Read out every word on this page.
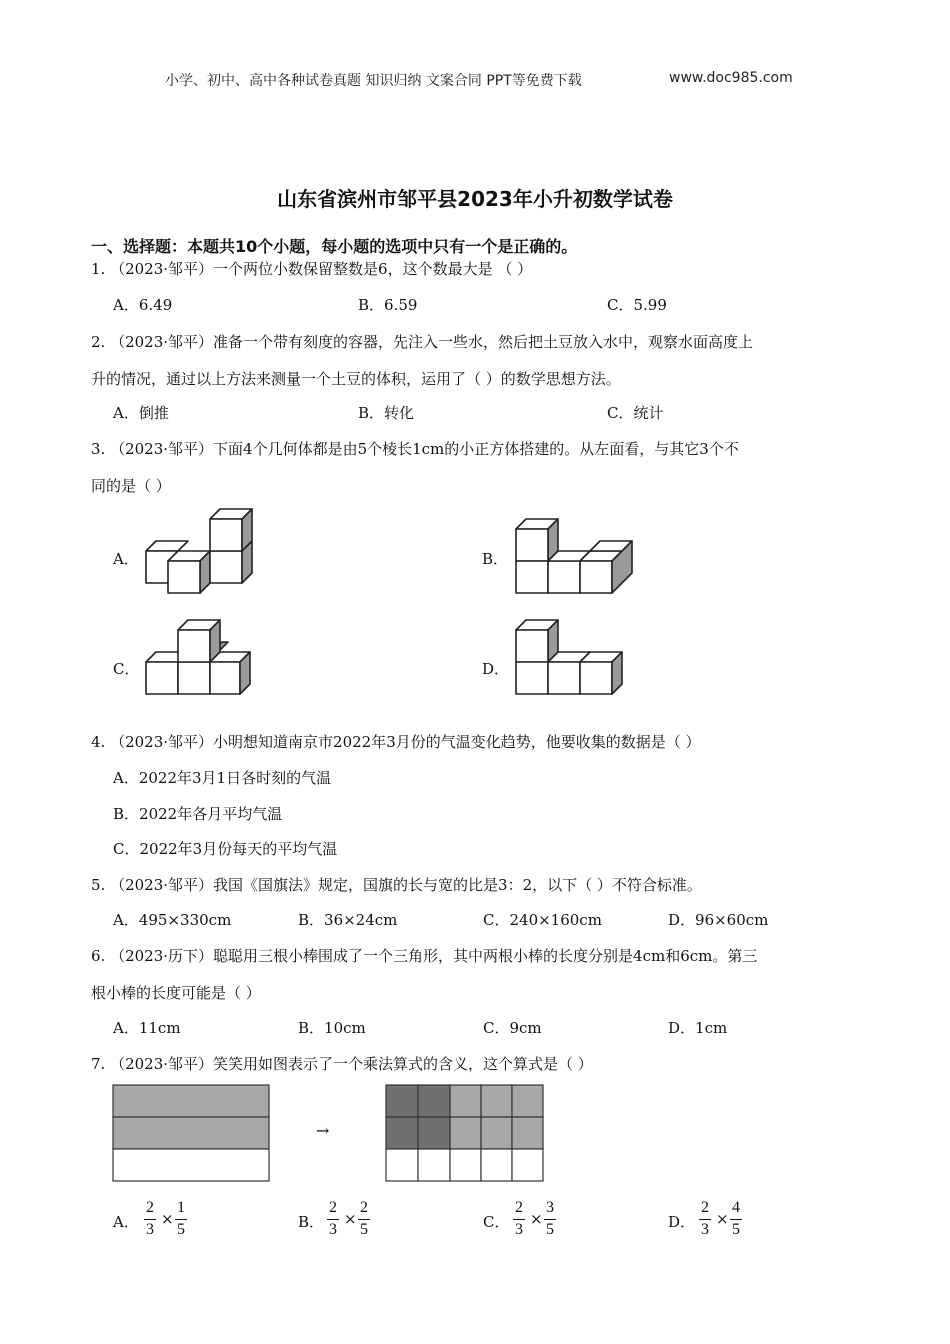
小学、初中、高中各种试卷真题 知识归纳 文案合同 PPT等免费下载	www.doc985.com
山东省滨州市邹平县2023年小升初数学试卷
一、选择题：本题共10个小题，每小题的选项中只有一个是正确的。
1. （2023·邹平）一个两位小数保留整数是6，这个数最大是 （ ）
A．6.49	B．6.59	C．5.99
2. （2023·邹平）准备一个带有刻度的容器，先注入一些水，然后把土豆放入水中，观察水面高度上
升的情况，通过以上方法来测量一个土豆的体积，运用了（ ）的数学思想方法。
A．倒推	B．转化	C．统计
3. （2023·邹平）下面4个几何体都是由5个棱长1cm的小正方体搭建的。从左面看，与其它3个不
同的是（ ）
A．	B．
C．	D．
4. （2023·邹平）小明想知道南京市2022年3月份的气温变化趋势，他要收集的数据是（ ）
A．2022年3月1日各时刻的气温
B．2022年各月平均气温
C．2022年3月份每天的平均气温
5. （2023·邹平）我国《国旗法》规定，国旗的长与宽的比是3：2，以下（ ）不符合标准。
A．495×330cm	B．36×24cm	C．240×160cm	D．96×60cm
6. （2023·历下）聪聪用三根小棒围成了一个三角形，其中两根小棒的长度分别是4cm和6cm。第三
根小棒的长度可能是（ ）
A．11cm	B．10cm	C．9cm	D．1cm
7. （2023·邹平）笑笑用如图表示了一个乘法算式的含义，这个算式是（ ）
→
A．
2
3
×
1
5	B．
2
3
×
2
5	C．
2
3
×
3
5	D．
2
3
×
4
5
